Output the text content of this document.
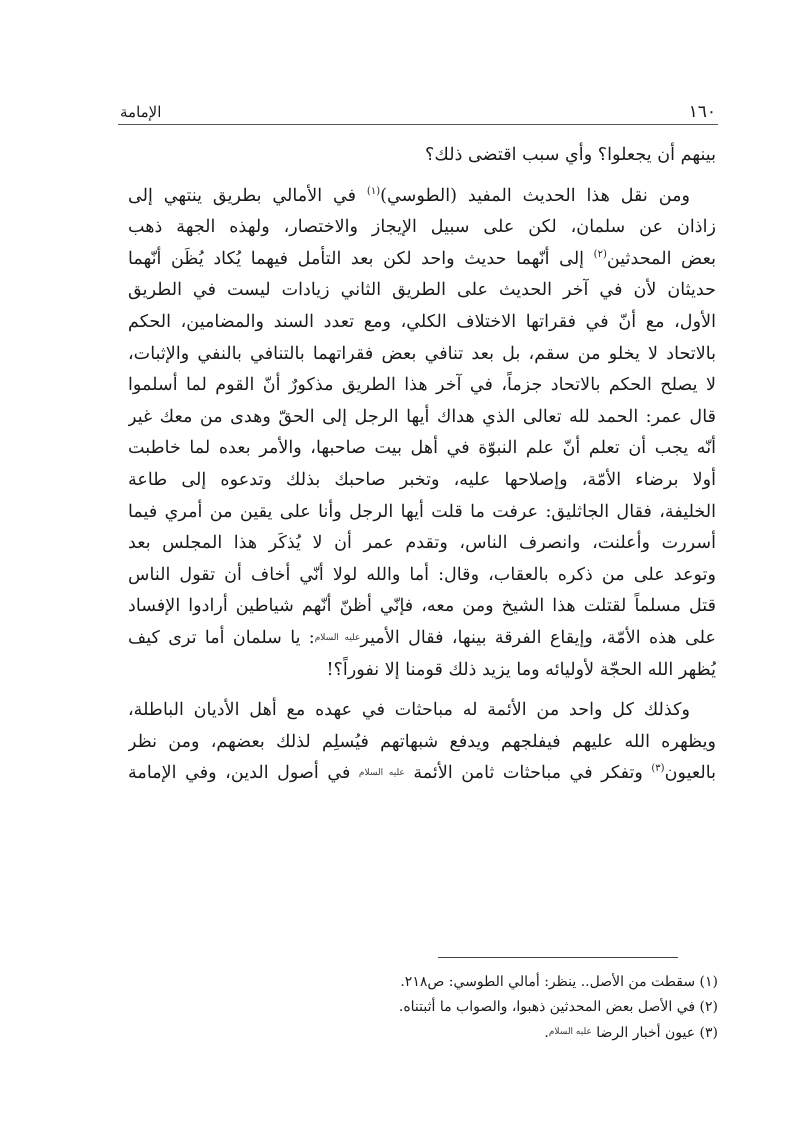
الإمامة	١٦٠

بينهم أن يجعلوا؟ وأي سبب اقتضى ذلك؟

ومن نقل هذا الحديث المفيد (الطوسي)$^{(١)}$ في الأمالي بطريق ينتهي إلى
زاذان عن سلمان، لكن على سبيل الإيجاز والاختصار، ولهذه الجهة ذهب
بعض المحدثين$^{(٢)}$ إلى أنّهما حديث واحد لكن بعد التأمل فيهما يُكاد يُظَن أنّهما
حديثان لأن في آخر الحديث على الطريق الثاني زيادات ليست في الطريق
الأول، مع أنّ في فقراتها الاختلاف الكلي، ومع تعدد السند والمضامين، الحكم
بالاتحاد لا يخلو من سقم، بل بعد تنافي بعض فقراتهما بالتنافي بالنفي والإثبات،
لا يصلح الحكم بالاتحاد جزماً، في آخر هذا الطريق مذكورٌ أنّ القوم لما أسلموا
قال عمر: الحمد لله تعالى الذي هداك أيها الرجل إلى الحقّ وهدى من معك غير
أنّه يجب أن تعلم أنّ علم النبوّة في أهل بيت صاحبها، والأمر بعده لما خاطبت
أولا برضاء الأمّة، وإصلاحها عليه، وتخبر صاحبك بذلك وتدعوه إلى طاعة
الخليفة، فقال الجاثليق: عرفت ما قلت أيها الرجل وأنا على يقين من أمري فيما
أسررت وأعلنت، وانصرف الناس، وتقدم عمر أن لا يُذكَر هذا المجلس بعد
وتوعد على من ذكره بالعقاب، وقال: أما والله لولا أنّي أخاف أن تقول الناس
قتل مسلماً لقتلت هذا الشيخ ومن معه، فإنّي أظنّ أنّهم شياطين أرادوا الإفساد
على هذه الأمّة، وإيقاع الفرقة بينها، فقال الأميرعليه السلام: يا سلمان أما ترى كيف
يُظهر الله الحجّة لأوليائه وما يزيد ذلك قومنا إلا نفوراً؟!

وكذلك كل واحد من الأئمة له مباحثات في عهده مع أهل الأديان الباطلة،
ويظهره الله عليهم فيفلجهم ويدفع شبهاتهم فيُسلِم لذلك بعضهم، ومن نظر
بالعيون$^{(٣)}$ وتفكر في مباحثات ثامن الأئمة عليه السلام في أصول الدين، وفي الإمامة

(١) سقطت من الأصل.. ينظر: أمالي الطوسي: ص٢١٨.
(٢) في الأصل بعض المحدثين ذهبوا، والصواب ما أثبتناه.
(٣) عيون أخبار الرضا $^{عليه السلام}$.
